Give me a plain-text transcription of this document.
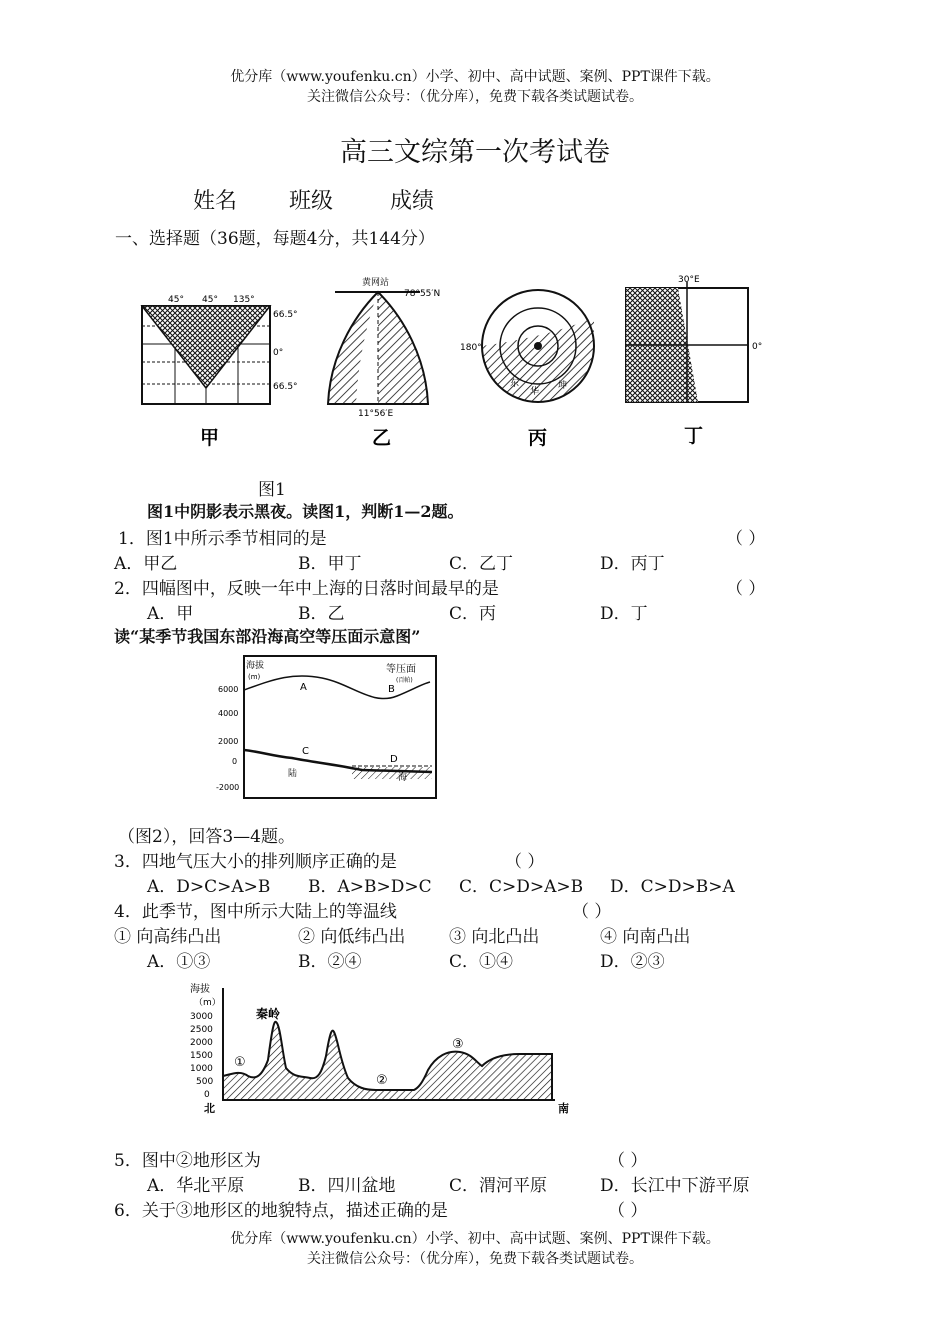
优分库（www.youfenku.cn）小学、初中、高中试题、案例、PPT课件下载。
关注微信公众号：（优分库），免费下载各类试题试卷。
高三文综第一次考试卷
姓名 班级	成绩
一、选择题（36题，每题4分，共144分）
45° 45° 135°
66.5°
0°
66.5°
甲
黄网站
78°55′N
11°56′E
乙
180°
东
华
坤
丙
30°E
0°
丁
图1
图1中阴影表示黑夜。读图1，判断1—2题。
1．图1中所示季节相同的是	（ ）
A．甲乙	B．甲丁	C．乙丁	D．丙丁
2．四幅图中，反映一年中上海的日落时间最早的是	（ ）
A．甲	B．乙	C．丙	D．丁
读“某季节我国东部沿海高空等压面示意图”
海拔
(m)
6000
4000
2000
0
-2000
A	B
等压面
(百帕)
C
D
陆	海
（图2），回答3—4题。
3．四地气压大小的排列顺序正确的是	（ ）
A．D>C>A>B B．A>B>D>C C．C>D>A>B D．C>D>B>A
4．此季节，图中所示大陆上的等温线	（ ）
① 向高纬凸出	② 向低纬凸出	③ 向北凸出	④ 向南凸出
A．①③	B．②④	C．①④	D．②③
海拔
（m）
3000
2500
2000
1500
1000
500
0
秦岭
①
②
③
北	南
5．图中②地形区为	（ ）
A．华北平原	B．四川盆地	C．渭河平原	D．长江中下游平原
6．关于③地形区的地貌特点，描述正确的是	（ ）
优分库（www.youfenku.cn）小学、初中、高中试题、案例、PPT课件下载。
关注微信公众号：（优分库），免费下载各类试题试卷。
